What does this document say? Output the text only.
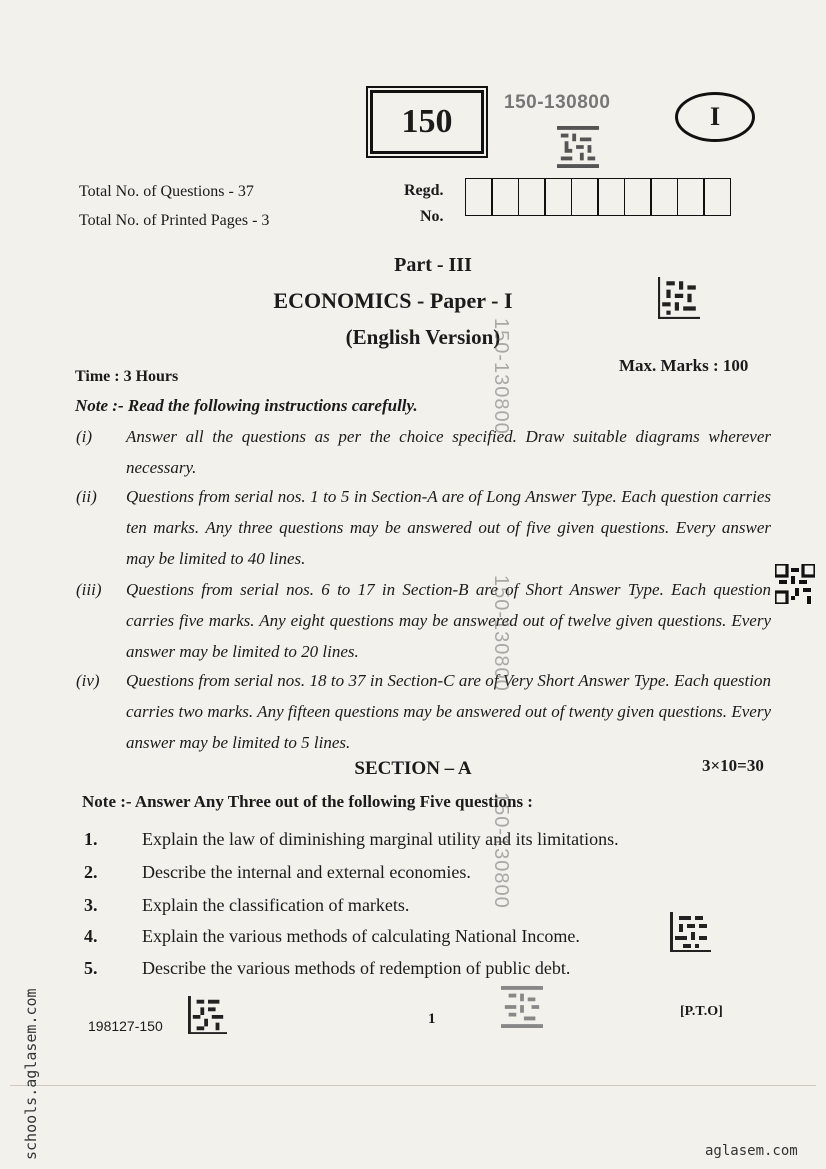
150
150-130800	I
Total No. of Questions - 37
Total No. of Printed Pages - 3
Regd.
No.
Part - III
ECONOMICS - Paper - I
(English Version)
Time : 3 Hours
Max. Marks : 100
Note :- Read the following instructions carefully.
(i) Answer all the questions as per the choice specified. Draw suitable diagrams wherever necessary.
(ii) Questions from serial nos. 1 to 5 in Section-A are of Long Answer Type. Each question carries ten marks. Any three questions may be answered out of five given questions. Every answer may be limited to 40 lines.
(iii) Questions from serial nos. 6 to 17 in Section-B are of Short Answer Type. Each question carries five marks. Any eight questions may be answered out of twelve given questions. Every answer may be limited to 20 lines.
(iv) Questions from serial nos. 18 to 37 in Section-C are of Very Short Answer Type. Each question carries two marks. Any fifteen questions may be answered out of twenty given questions. Every answer may be limited to 5 lines.
SECTION – A	3×10=30
Note :- Answer Any Three out of the following Five questions :
1. Explain the law of diminishing marginal utility and its limitations.
2. Describe the internal and external economies.
3. Explain the classification of markets.
4. Explain the various methods of calculating National Income.
5. Describe the various methods of redemption of public debt.
198127-150	1	[P.T.O]
150-130800
150-130800
150-130800
schools.aglasem.com	aglasem.com
